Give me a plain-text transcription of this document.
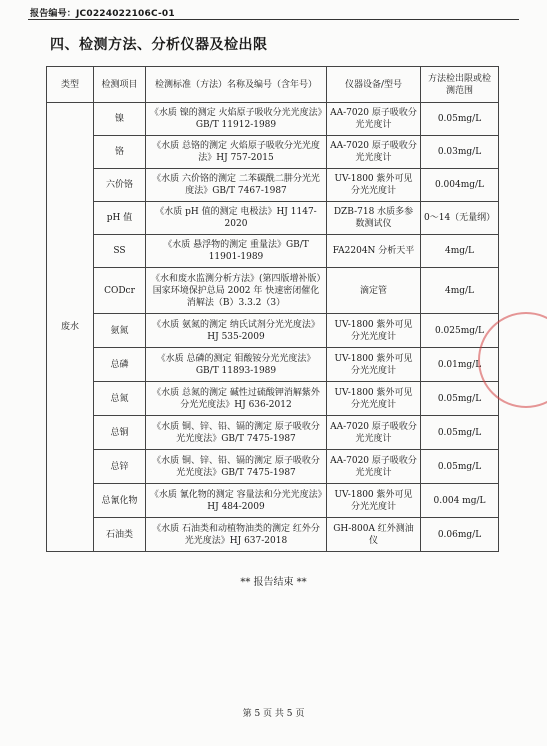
报告编号：JC0224022106C-01
四、检测方法、分析仪器及检出限
类型	检测项目	检测标准（方法）名称及编号（含年号）	仪器设备/型号	方法检出限或检测范围
废水	镍	《水质 镍的测定 火焰原子吸收分光光度法》GB/T 11912-1989	AA-7020 原子吸收分光光度计	0.05mg/L
	铬	《水质 总铬的测定 火焰原子吸收分光光度法》HJ 757-2015	AA-7020 原子吸收分光光度计	0.03mg/L
	六价铬	《水质 六价铬的测定 二苯碳酰二肼分光光度法》GB/T 7467-1987	UV-1800 紫外可见分光光度计	0.004mg/L
	pH 值	《水质 pH 值的测定 电极法》HJ 1147-2020	DZB-718 水质多参数测试仪	0～14（无量纲）
	SS	《水质 悬浮物的测定 重量法》GB/T 11901-1989	FA2204N 分析天平	4mg/L
	CODcr	《水和废水监测分析方法》(第四版增补版）国家环境保护总局 2002 年 快速密闭催化消解法（B）3.3.2（3）	滴定管	4mg/L
	氨氮	《水质 氨氮的测定 纳氏试剂分光光度法》HJ 535-2009	UV-1800 紫外可见分光光度计	0.025mg/L
	总磷	《水质 总磷的测定 钼酸铵分光光度法》GB/T 11893-1989	UV-1800 紫外可见分光光度计	0.01mg/L
	总氮	《水质 总氮的测定 碱性过硫酸钾消解紫外分光光度法》HJ 636-2012	UV-1800 紫外可见分光光度计	0.05mg/L
	总铜	《水质 铜、锌、铅、镉的测定 原子吸收分光光度法》GB/T 7475-1987	AA-7020 原子吸收分光光度计	0.05mg/L
	总锌	《水质 铜、锌、铅、镉的测定 原子吸收分光光度法》GB/T 7475-1987	AA-7020 原子吸收分光光度计	0.05mg/L
	总氰化物	《水质 氰化物的测定 容量法和分光光度法》HJ 484-2009	UV-1800 紫外可见分光光度计	0.004 mg/L
	石油类	《水质 石油类和动植物油类的测定 红外分光光度法》HJ 637-2018	GH-800A 红外测油仪	0.06mg/L
** 报告结束 **
第 5 页 共 5 页
